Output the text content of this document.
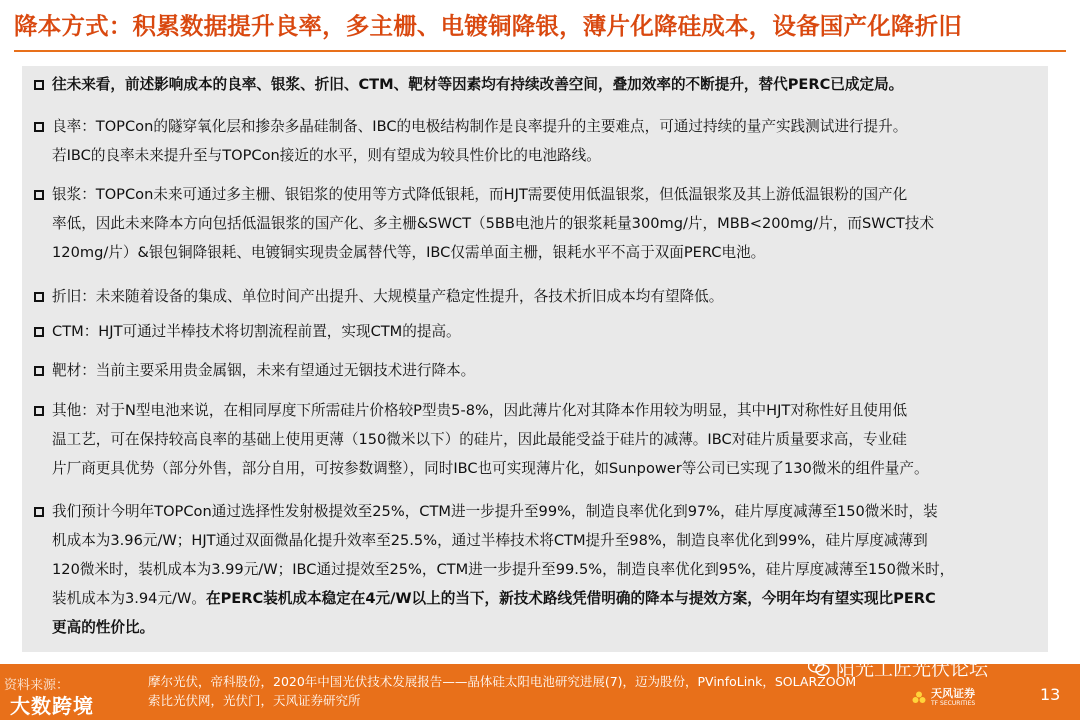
降本方式：积累数据提升良率，多主栅、电镀铜降银，薄片化降硅成本，设备国产化降折旧
往未来看，前述影响成本的良率、银浆、折旧、CTM、靶材等因素均有持续改善空间，叠加效率的不断提升，替代PERC已成定局。
良率：TOPCon的隧穿氧化层和掺杂多晶硅制备、IBC的电极结构制作是良率提升的主要难点，可通过持续的量产实践测试进行提升。
若IBC的良率未来提升至与TOPCon接近的水平，则有望成为较具性价比的电池路线。
银浆：TOPCon未来可通过多主栅、银铝浆的使用等方式降低银耗，而HJT需要使用低温银浆，但低温银浆及其上游低温银粉的国产化
率低，因此未来降本方向包括低温银浆的国产化、多主栅&SWCT（5BB电池片的银浆耗量300mg/片，MBB<200mg/片，而SWCT技术
120mg/片）&银包铜降银耗、电镀铜实现贵金属替代等，IBC仅需单面主栅，银耗水平不高于双面PERC电池。
折旧：未来随着设备的集成、单位时间产出提升、大规模量产稳定性提升，各技术折旧成本均有望降低。
CTM：HJT可通过半棒技术将切割流程前置，实现CTM的提高。
靶材：当前主要采用贵金属铟，未来有望通过无铟技术进行降本。
其他：对于N型电池来说，在相同厚度下所需硅片价格较P型贵5-8%，因此薄片化对其降本作用较为明显，其中HJT对称性好且使用低
温工艺，可在保持较高良率的基础上使用更薄（150微米以下）的硅片，因此最能受益于硅片的减薄。IBC对硅片质量要求高，专业硅
片厂商更具优势（部分外售，部分自用，可按参数调整），同时IBC也可实现薄片化，如Sunpower等公司已实现了130微米的组件量产。
我们预计今明年TOPCon通过选择性发射极提效至25%，CTM进一步提升至99%，制造良率优化到97%，硅片厚度减薄至150微米时，装
机成本为3.96元/W；HJT通过双面微晶化提升效率至25.5%，通过半棒技术将CTM提升至98%，制造良率优化到99%，硅片厚度减薄到
120微米时，装机成本为3.99元/W；IBC通过提效至25%，CTM进一步提升至99.5%，制造良率优化到95%，硅片厚度减薄至150微米时，
装机成本为3.94元/W。在PERC装机成本稳定在4元/W以上的当下，新技术路线凭借明确的降本与提效方案，今明年均有望实现比PERC
更高的性价比。
资料来源：	摩尔光伏，帝科股份，2020年中国光伏技术发展报告——晶体硅太阳电池研究进展(7)，迈为股份，PVinfoLink，SOLARZOOM
索比光伏网，光伏门，天风证券研究所
大数跨境
阳光工匠光伏论坛
天风证券
TF SECURITIES	13
